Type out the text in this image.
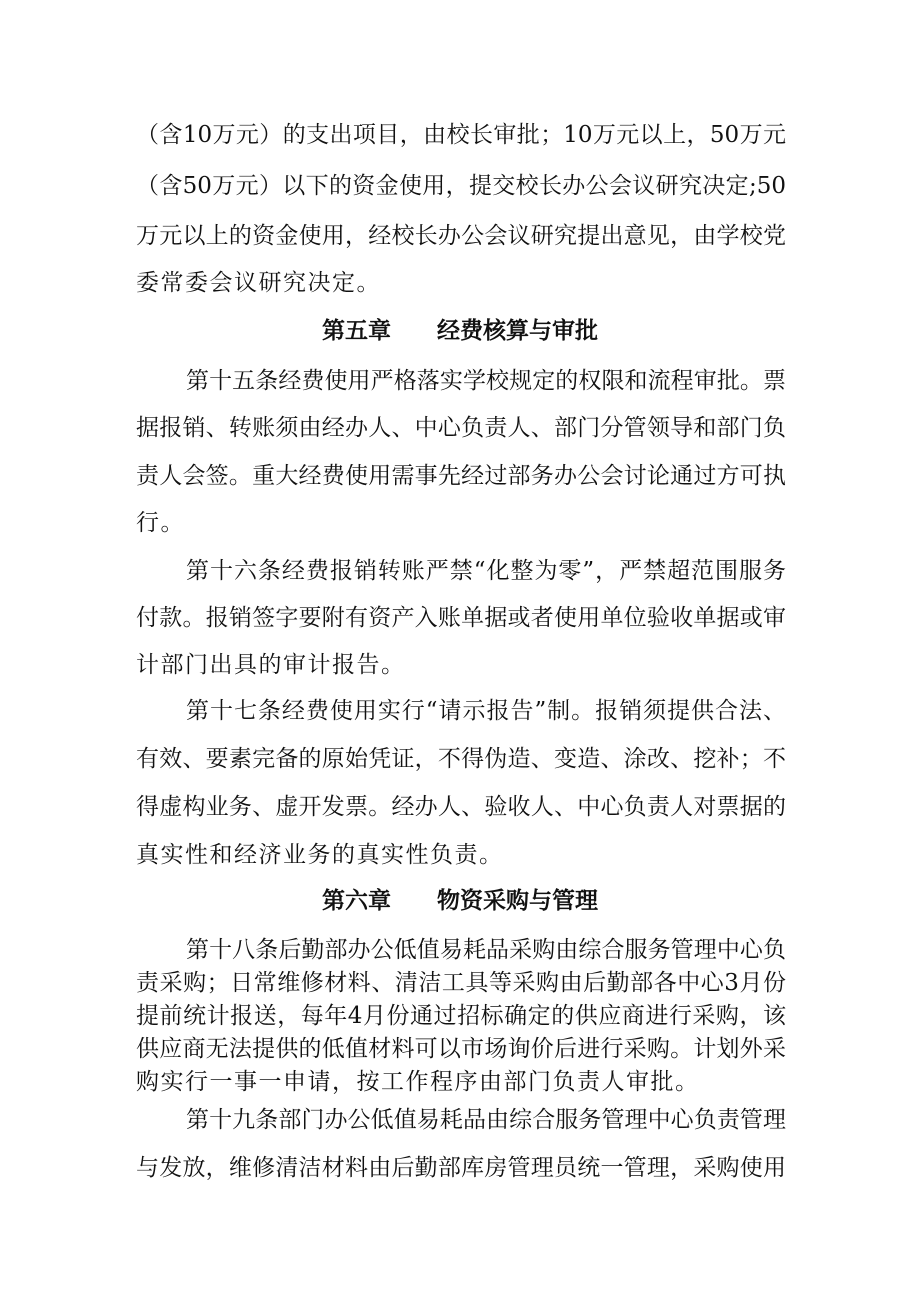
（含10万元）的支出项目，由校长审批；10万元以上，50万元
（含50万元）以下的资金使用，提交校长办公会议研究决定;50
万元以上的资金使用，经校长办公会议研究提出意见，由学校党
委常委会议研究决定。
第五章　　经费核算与审批
第十五条经费使用严格落实学校规定的权限和流程审批。票
据报销、转账须由经办人、中心负责人、部门分管领导和部门负
责人会签。重大经费使用需事先经过部务办公会讨论通过方可执
行。
第十六条经费报销转账严禁“化整为零”，严禁超范围服务
付款。报销签字要附有资产入账单据或者使用单位验收单据或审
计部门出具的审计报告。
第十七条经费使用实行“请示报告”制。报销须提供合法、
有效、要素完备的原始凭证，不得伪造、变造、涂改、挖补；不
得虚构业务、虚开发票。经办人、验收人、中心负责人对票据的
真实性和经济业务的真实性负责。
第六章　　物资采购与管理
第十八条后勤部办公低值易耗品采购由综合服务管理中心负
责采购；日常维修材料、清洁工具等采购由后勤部各中心3月份
提前统计报送，每年4月份通过招标确定的供应商进行采购，该
供应商无法提供的低值材料可以市场询价后进行采购。计划外采
购实行一事一申请，按工作程序由部门负责人审批。
第十九条部门办公低值易耗品由综合服务管理中心负责管理
与发放，维修清洁材料由后勤部库房管理员统一管理，采购使用
